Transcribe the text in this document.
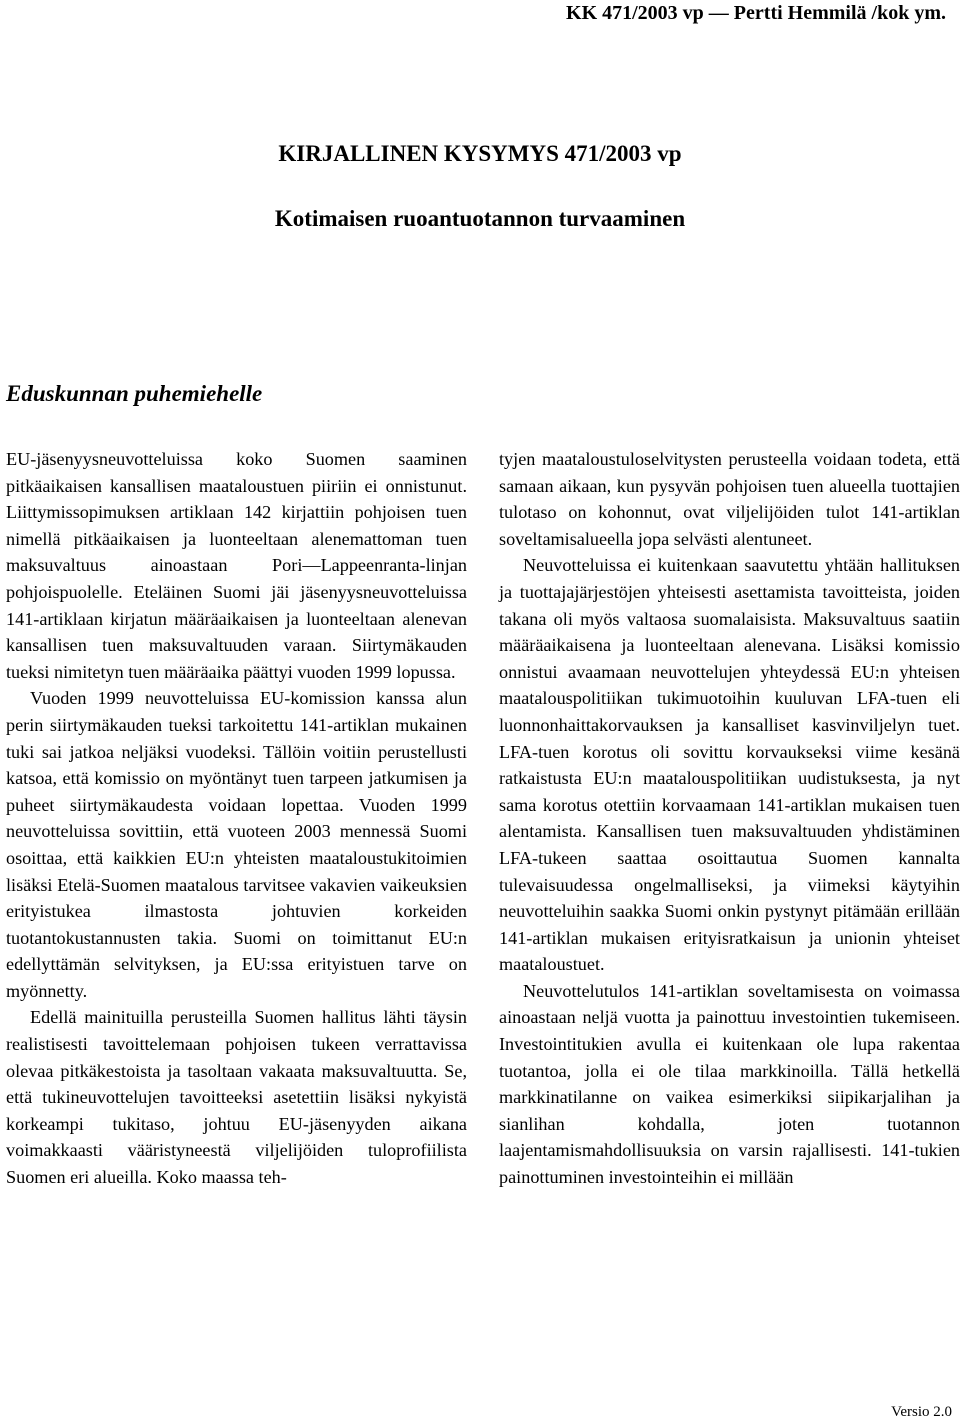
KK 471/2003 vp — Pertti Hemmilä /kok ym.
KIRJALLINEN KYSYMYS 471/2003 vp
Kotimaisen ruoantuotannon turvaaminen
Eduskunnan puhemiehelle

EU-jäsenyysneuvotteluissa koko Suomen saaminen pitkäaikaisen kansallisen maataloustuen piiriin ei onnistunut. Liittymissopimuksen artiklaan 142 kirjattiin pohjoisen tuen nimellä pitkäaikaisen ja luonteeltaan alenemattoman tuen maksuvaltuus ainoastaan Pori—Lappeenranta-linjan pohjoispuolelle. Eteläinen Suomi jäi jäsenyysneuvotteluissa 141-artiklaan kirjatun määräaikaisen ja luonteeltaan alenevan kansallisen tuen maksuvaltuuden varaan. Siirtymäkauden tueksi nimitetyn tuen määräaika päättyi vuoden 1999 lopussa.

Vuoden 1999 neuvotteluissa EU-komission kanssa alun perin siirtymäkauden tueksi tarkoitettu 141-artiklan mukainen tuki sai jatkoa neljäksi vuodeksi. Tällöin voitiin perustellusti katsoa, että komissio on myöntänyt tuen tarpeen jatkumisen ja puheet siirtymäkaudesta voidaan lopettaa. Vuoden 1999 neuvotteluissa sovittiin, että vuoteen 2003 mennessä Suomi osoittaa, että kaikkien EU:n yhteisten maataloustukitoimien lisäksi Etelä-Suomen maatalous tarvitsee vakavien vaikeuksien erityistukea ilmastosta johtuvien korkeiden tuotantokustannusten takia. Suomi on toimittanut EU:n edellyttämän selvityksen, ja EU:ssa erityistuen tarve on myönnetty.

Edellä mainituilla perusteilla Suomen hallitus lähti täysin realistisesti tavoittelemaan pohjoisen tukeen verrattavissa olevaa pitkäkestoista ja tasoltaan vakaata maksuvaltuutta. Se, että tukineuvottelujen tavoitteeksi asetettiin lisäksi nykyistä korkeampi tukitaso, johtuu EU-jäsenyyden aikana voimakkaasti vääristyneestä viljelijöiden tuloprofiilista Suomen eri alueilla. Koko maassa teh-

tyjen maataloustuloselvitysten perusteella voidaan todeta, että samaan aikaan, kun pysyvän pohjoisen tuen alueella tuottajien tulotaso on kohonnut, ovat viljelijöiden tulot 141-artiklan soveltamisalueella jopa selvästi alentuneet.

Neuvotteluissa ei kuitenkaan saavutettu yhtään hallituksen ja tuottajajärjestöjen yhteisesti asettamista tavoitteista, joiden takana oli myös valtaosa suomalaisista. Maksuvaltuus saatiin määräaikaisena ja luonteeltaan alenevana. Lisäksi komissio onnistui avaamaan neuvottelujen yhteydessä EU:n yhteisen maatalouspolitiikan tukimuotoihin kuuluvan LFA-tuen eli luonnonhaittakorvauksen ja kansalliset kasvinviljelyn tuet. LFA-tuen korotus oli sovittu korvaukseksi viime kesänä ratkaistusta EU:n maatalouspolitiikan uudistuksesta, ja nyt sama korotus otettiin korvaamaan 141-artiklan mukaisen tuen alentamista. Kansallisen tuen maksuvaltuuden yhdistäminen LFA-tukeen saattaa osoittautua Suomen kannalta tulevaisuudessa ongelmalliseksi, ja viimeksi käytyihin neuvotteluihin saakka Suomi onkin pystynyt pitämään erillään 141-artiklan mukaisen erityisratkaisun ja unionin yhteiset maataloustuet.

Neuvottelutulos 141-artiklan soveltamisesta on voimassa ainoastaan neljä vuotta ja painottuu investointien tukemiseen. Investointitukien avulla ei kuitenkaan ole lupa rakentaa tuotantoa, jolla ei ole tilaa markkinoilla. Tällä hetkellä markkinatilanne on vaikea esimerkiksi siipikarjalihan ja sianlihan kohdalla, joten tuotannon laajentamismahdollisuuksia on varsin rajallisesti. 141-tukien painottuminen investointeihin ei millään

Versio 2.0
